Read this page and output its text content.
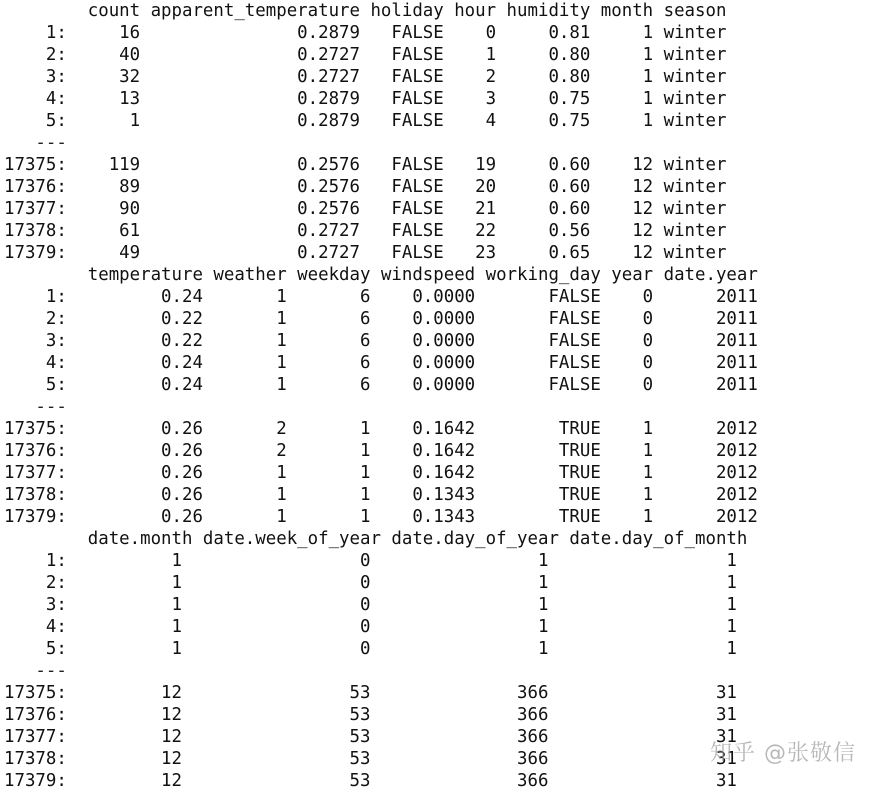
count apparent_temperature holiday hour humidity month season
1:     16               0.2879   FALSE    0     0.81     1 winter
2:     40               0.2727   FALSE    1     0.80     1 winter
3:     32               0.2727   FALSE    2     0.80     1 winter
4:     13               0.2879   FALSE    3     0.75     1 winter
5:      1               0.2879   FALSE    4     0.75     1 winter
---
17375:    119               0.2576   FALSE   19     0.60    12 winter
17376:     89               0.2576   FALSE   20     0.60    12 winter
17377:     90               0.2576   FALSE   21     0.60    12 winter
17378:     61               0.2727   FALSE   22     0.56    12 winter
17379:     49               0.2727   FALSE   23     0.65    12 winter
temperature weather weekday windspeed working_day year date.year
1:         0.24       1       6    0.0000       FALSE    0      2011
2:         0.22       1       6    0.0000       FALSE    0      2011
3:         0.22       1       6    0.0000       FALSE    0      2011
4:         0.24       1       6    0.0000       FALSE    0      2011
5:         0.24       1       6    0.0000       FALSE    0      2011
---
17375:         0.26       2       1    0.1642        TRUE    1      2012
17376:         0.26       2       1    0.1642        TRUE    1      2012
17377:         0.26       1       1    0.1642        TRUE    1      2012
17378:         0.26       1       1    0.1343        TRUE    1      2012
17379:         0.26       1       1    0.1343        TRUE    1      2012
date.month date.week_of_year date.day_of_year date.day_of_month
1:          1                 0                1                 1
2:          1                 0                1                 1
3:          1                 0                1                 1
4:          1                 0                1                 1
5:          1                 0                1                 1
---
17375:         12                53              366                31
17376:         12                53              366                31
17377:         12                53              366                31
17378:         12                53              366                31
17379:         12                53              366                31
知乎 @张敬信
